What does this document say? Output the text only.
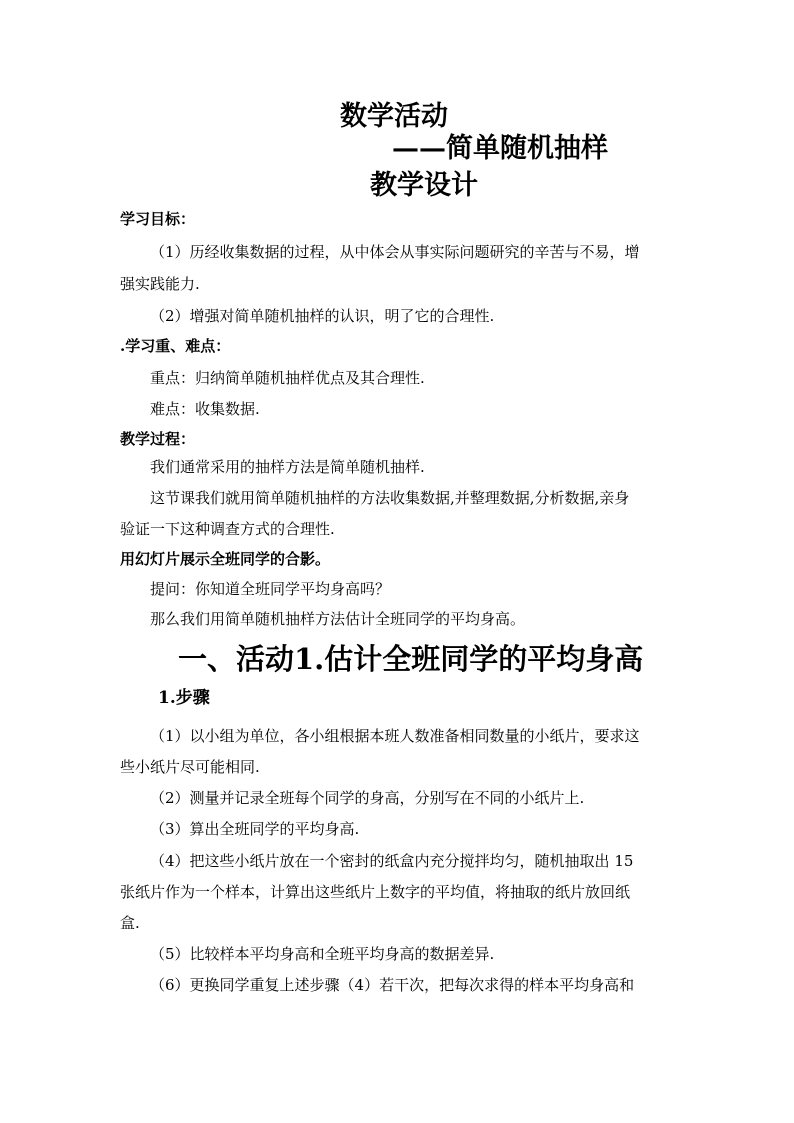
数学活动
——简单随机抽样
教学设计
学习目标：
（1）历经收集数据的过程，从中体会从事实际问题研究的辛苦与不易，增
强实践能力.
（2）增强对简单随机抽样的认识，明了它的合理性.
.学习重、难点：
重点：归纳简单随机抽样优点及其合理性.
难点：收集数据.
教学过程：
我们通常采用的抽样方法是简单随机抽样.
这节课我们就用简单随机抽样的方法收集数据,并整理数据,分析数据,亲身
验证一下这种调查方式的合理性.
用幻灯片展示全班同学的合影。
提问：你知道全班同学平均身高吗？
那么我们用简单随机抽样方法估计全班同学的平均身高。
一、活动1.估计全班同学的平均身高
1.步骤
（1）以小组为单位，各小组根据本班人数准备相同数量的小纸片，要求这
些小纸片尽可能相同.
（2）测量并记录全班每个同学的身高，分别写在不同的小纸片上.
（3）算出全班同学的平均身高.
（4）把这些小纸片放在一个密封的纸盒内充分搅拌均匀，随机抽取出 15
张纸片作为一个样本，计算出这些纸片上数字的平均值，将抽取的纸片放回纸
盒.
（5）比较样本平均身高和全班平均身高的数据差异.
（6）更换同学重复上述步骤（4）若干次，把每次求得的样本平均身高和
